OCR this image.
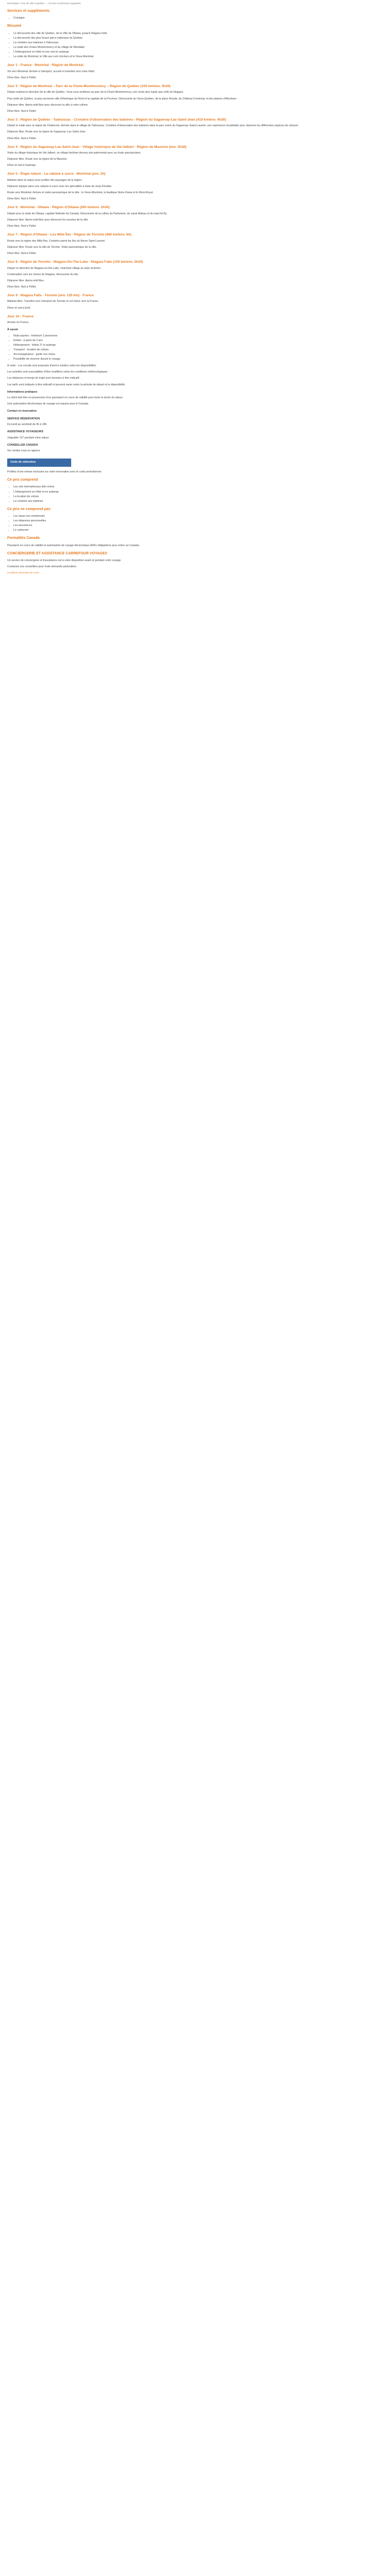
Description / Tour de ville à Québec — Circuits et itinéraires organisés
Services et suppléments
• Consigne
Résumé
• Le découverte des ville de Québec, de la Ville de Ottawa, jusqu'à Niagara Falls
• La découverte des plus beaux parcs nationaux du Québec
• La croisière aux baleines à Tadoussac
• La visite des chutes Montmorency et du village de Wendake
• L'hébergement en hôtel et une nuit en auberge
• La visite de Montréal, la Ville aux cent clochers et le Vieux-Montréal
Jour 1 : France - Montréal - Région de Montréal

Vol vers Montréal. Arrivée à l'aéroport, accueil et transfert vers votre hôtel.

Dîner libre. Nuit à l'hôtel.

Jour 2 : Région de Montréal – Parc de la Chute-Montmorency – Région de Québec (330 km/env. 3h30)

Départ matinal en direction de la ville de Québec. Vous vous arrêterez au parc de la Chute-Montmorency, une chute plus haute que celle du Niagara.

Puis visite de Québec, la plus ancienne ville d'Amérique du Nord et la capitale de la Province. Découverte du Vieux-Québec, de la place Royale, du Château Frontenac et des plaines d'Abraham.

Déjeuner libre. Après-midi libre pour découvrir la ville à votre rythme.

Dîner libre. Nuit à l'hôtel.

Jour 3 : Région de Québec - Tadoussac - Croisière d'observation des baleines - Région du Saguenay-Lac-Saint-Jean (410 km/env. 4h30)

Départ le matin pour la région de Charlevoix. Arrivée dans le village de Tadoussac. Croisière d'observation des baleines dans le parc marin du Saguenay–Saint-Laurent, une expérience inoubliable pour observer les différentes espèces de cétacés.

Déjeuner libre. Route vers la région du Saguenay–Lac-Saint-Jean.

Dîner libre. Nuit à l'hôtel.

Jour 4 : Région du Saguenay-Lac-Saint-Jean - Village historique de Val-Jalbert - Région de Mauricie (env. 3h30)

Visite du village historique de Val-Jalbert, un village fantôme devenu site patrimonial avec sa chute spectaculaire.

Déjeuner libre. Route vers la région de la Mauricie.

Dîner et nuit à l'auberge.

Jour 5 : Étape nature - La cabane à sucre - Montréal (env. 2h)

Matinée dans la nature pour profiter des paysages de la région.

Déjeuner typique dans une cabane à sucre avec les spécialités à base de sirop d'érable.

Route vers Montréal. Arrivée et visite panoramique de la ville : le Vieux-Montréal, la basilique Notre-Dame et le Mont-Royal.

Dîner libre. Nuit à l'hôtel.

Jour 6 : Montréal - Ottawa - Région d'Ottawa (200 km/env. 2h30)

Départ pour la visite de Ottawa, capitale fédérale du Canada. Découverte de la colline du Parlement, du canal Rideau et du marché By.

Déjeuner libre. Après-midi libre pour découvrir les musées de la ville.

Dîner libre. Nuit à l'hôtel.

Jour 7 : Région d'Ottawa - Les Mille Îles - Région de Toronto (460 km/env. 6h)

Route vers la région des Mille-Îles. Croisière parmi les îles du fleuve Saint-Laurent.

Déjeuner libre. Route vers la ville de Toronto. Visite panoramique de la ville.

Dîner libre. Nuit à l'hôtel.

Jour 8 : Région de Toronto - Niagara-On-The-Lake - Niagara Falls (120 km/env. 2h30)

Départ en direction de Niagara-on-the-Lake, charmant village au style victorien.

Continuation vers les chutes du Niagara, découverte du site.

Déjeuner libre. Après-midi libre.

Dîner libre. Nuit à l'hôtel.

Jour 9 : Niagara Falls - Toronto (env. 125 km) - France

Matinée libre. Transfert vers l'aéroport de Toronto et vol retour vers la France.

Dîner et nuit à bord.

Jour 10 : France

Arrivée en France.

À savoir
• Nuits payées : minimum 2 personnes
• Enfant : à partir de 3 ans
• Hébergement : hôtels 3* et auberge
• Transport : location de voiture
• Accompagnateur : guide non inclus
• Possibilité de réserver durant le voyage

À noter : Les circuits sont proposés d'avril à octobre selon les disponibilités.

Les activités sont susceptibles d'être modifiées selon les conditions météorologiques.

Les distances et temps de trajet sont données à titre indicatif.

Les tarifs sont indiqués à titre indicatif et peuvent varier selon la période de départ et la disponibilité.

Informations pratiques

Le client doit être en possession d'un passeport en cours de validité pour toute la durée du séjour.

Une autorisation électronique de voyage est requise pour le Canada.

Contact et réservation
SERVICE RÉSERVATION

Du lundi au vendredi de 9h à 18h

ASSISTANCE VOYAGEURS

Joignable 7j/7 pendant votre séjour

CONSEILLER CANADA

Sur rendez-vous en agence

Code de réduction

Profitez d'une remise exclusive sur votre réservation avec le code promotionnel.

Ce prix comprend
• Les vols internationaux aller-retour
• L'hébergement en hôtel et en auberge
• La location de voiture
• La croisière aux baleines
Ce prix ne comprend pas
• Les repas non mentionnés
• Les dépenses personnelles
• Les assurances
• Le carburant
Formalités Canada

Passeport en cours de validité et autorisation de voyage électronique (AVE) obligatoires pour entrer au Canada.

CONCIERGERIE ET ASSISTANCE CARREFOUR VOYAGES

Un service de conciergerie et d'assistance est à votre disposition avant et pendant votre voyage.

Contactez nos conseillers pour toute demande particulière.

Conditions générales de vente
